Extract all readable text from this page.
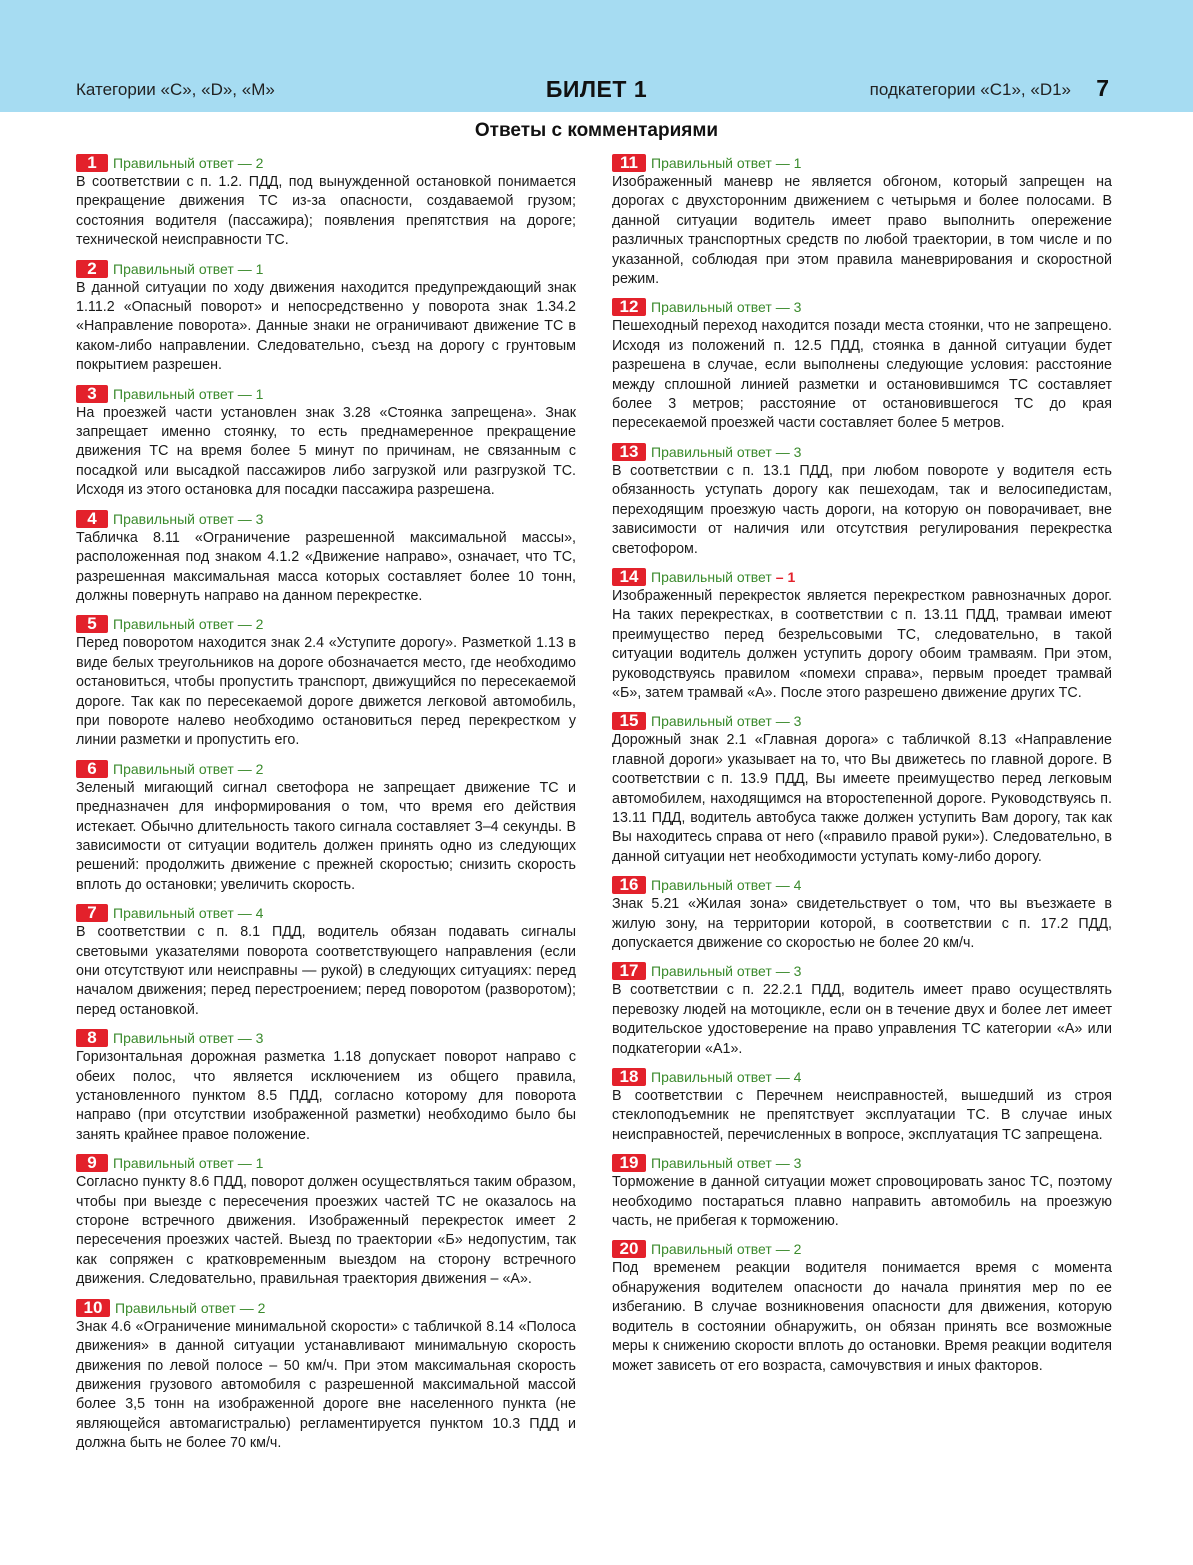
Категории «C», «D», «M»	БИЛЕТ 1	подкатегории «C1», «D1» 7
Ответы с комментариями
1	Правильный ответ — 2
В соответствии с п. 1.2. ПДД, под вынужденной остановкой понимается прекращение движения ТС из-за опасности, создаваемой грузом; состояния водителя (пассажира); появления препятствия на дороге; технической неисправности ТС.
2	Правильный ответ — 1
В данной ситуации по ходу движения находится предупреждающий знак 1.11.2 «Опасный поворот» и непосредственно у поворота знак 1.34.2 «Направление поворота». Данные знаки не ограничивают движение ТС в каком-либо направлении. Следовательно, съезд на дорогу с грунтовым покрытием разрешен.
3	Правильный ответ — 1
На проезжей части установлен знак 3.28 «Стоянка запрещена». Знак запрещает именно стоянку, то есть преднамеренное прекращение движения ТС на время более 5 минут по причинам, не связанным с посадкой или высадкой пассажиров либо загрузкой или разгрузкой ТС. Исходя из этого остановка для посадки пассажира разрешена.
4	Правильный ответ — 3
Табличка 8.11 «Ограничение разрешенной максимальной массы», расположенная под знаком 4.1.2 «Движение направо», означает, что ТС, разрешенная максимальная масса которых составляет более 10 тонн, должны повернуть направо на данном перекрестке.
5	Правильный ответ — 2
Перед поворотом находится знак 2.4 «Уступите дорогу». Разметкой 1.13 в виде белых треугольников на дороге обозначается место, где необходимо остановиться, чтобы пропустить транспорт, движущийся по пересекаемой дороге. Так как по пересекаемой дороге движется легковой автомобиль, при повороте налево необходимо остановиться перед перекрестком у линии разметки и пропустить его.
6	Правильный ответ — 2
Зеленый мигающий сигнал светофора не запрещает движение ТС и предназначен для информирования о том, что время его действия истекает. Обычно длительность такого сигнала составляет 3–4 секунды. В зависимости от ситуации водитель должен принять одно из следующих решений: продолжить движение с прежней скоростью; снизить скорость вплоть до остановки; увеличить скорость.
7	Правильный ответ — 4
В соответствии с п. 8.1 ПДД, водитель обязан подавать сигналы световыми указателями поворота соответствующего направления (если они отсутствуют или неисправны — рукой) в следующих ситуациях: перед началом движения; перед перестроением; перед поворотом (разворотом); перед остановкой.
8	Правильный ответ — 3
Горизонтальная дорожная разметка 1.18 допускает поворот направо с обеих полос, что является исключением из общего правила, установленного пунктом 8.5 ПДД, согласно которому для поворота направо (при отсутствии изображенной разметки) необходимо было бы занять крайнее правое положение.
9	Правильный ответ — 1
Согласно пункту 8.6 ПДД, поворот должен осуществляться таким образом, чтобы при выезде с пересечения проезжих частей ТС не оказалось на стороне встречного движения. Изображенный перекресток имеет 2 пересечения проезжих частей. Выезд по траектории «Б» недопустим, так как сопряжен с кратковременным выездом на сторону встречного движения. Следовательно, правильная траектория движения – «А».
10 Правильный ответ — 2
Знак 4.6 «Ограничение минимальной скорости» с табличкой 8.14 «Полоса движения» в данной ситуации устанавливают минимальную скорость движения по левой полосе – 50 км/ч. При этом максимальная скорость движения грузового автомобиля с разрешенной максимальной массой более 3,5 тонн на изображенной дороге вне населенного пункта (не являющейся автомагистралью) регламентируется пунктом 10.3 ПДД и должна быть не более 70 км/ч.
11 Правильный ответ — 1
Изображенный маневр не является обгоном, который запрещен на дорогах с двухсторонним движением с четырьмя и более полосами. В данной ситуации водитель имеет право выполнить опережение различных транспортных средств по любой траектории, в том числе и по указанной, соблюдая при этом правила маневрирования и скоростной режим.
12 Правильный ответ — 3
Пешеходный переход находится позади места стоянки, что не запрещено. Исходя из положений п. 12.5 ПДД, стоянка в данной ситуации будет разрешена в случае, если выполнены следующие условия: расстояние между сплошной линией разметки и остановившимся ТС составляет более 3 метров; расстояние от остановившегося ТС до края пересекаемой проезжей части составляет более 5 метров.
13 Правильный ответ — 3
В соответствии с п. 13.1 ПДД, при любом повороте у водителя есть обязанность уступать дорогу как пешеходам, так и велосипедистам, переходящим проезжую часть дороги, на которую он поворачивает, вне зависимости от наличия или отсутствия регулирования перекрестка светофором.
14 Правильный ответ – 1
Изображенный перекресток является перекрестком равнозначных дорог. На таких перекрестках, в соответствии с п. 13.11 ПДД, трамваи имеют преимущество перед безрельсовыми ТС, следовательно, в такой ситуации водитель должен уступить дорогу обоим трамваям. При этом, руководствуясь правилом «помехи справа», первым проедет трамвай «Б», затем трамвай «А». После этого разрешено движение других ТС.
15 Правильный ответ — 3
Дорожный знак 2.1 «Главная дорога» с табличкой 8.13 «Направление главной дороги» указывает на то, что Вы движетесь по главной дороге. В соответствии с п. 13.9 ПДД, Вы имеете преимущество перед легковым автомобилем, находящимся на второстепенной дороге. Руководствуясь п. 13.11 ПДД, водитель автобуса также должен уступить Вам дорогу, так как Вы находитесь справа от него («правило правой руки»). Следовательно, в данной ситуации нет необходимости уступать кому-либо дорогу.
16 Правильный ответ — 4
Знак 5.21 «Жилая зона» свидетельствует о том, что вы въезжаете в жилую зону, на территории которой, в соответствии с п. 17.2 ПДД, допускается движение со скоростью не более 20 км/ч.
17 Правильный ответ — 3
В соответствии с п. 22.2.1 ПДД, водитель имеет право осуществлять перевозку людей на мотоцикле, если он в течение двух и более лет имеет водительское удостоверение на право управления ТС категории «А» или подкатегории «А1».
18 Правильный ответ — 4
В соответствии с Перечнем неисправностей, вышедший из строя стеклоподъемник не препятствует эксплуатации ТС. В случае иных неисправностей, перечисленных в вопросе, эксплуатация ТС запрещена.
19 Правильный ответ — 3
Торможение в данной ситуации может спровоцировать занос ТС, поэтому необходимо постараться плавно направить автомобиль на проезжую часть, не прибегая к торможению.
20 Правильный ответ — 2
Под временем реакции водителя понимается время с момента обнаружения водителем опасности до начала принятия мер по ее избеганию. В случае возникновения опасности для движения, которую водитель в состоянии обнаружить, он обязан принять все возможные меры к снижению скорости вплоть до остановки. Время реакции водителя может зависеть от его возраста, самочувствия и иных факторов.
